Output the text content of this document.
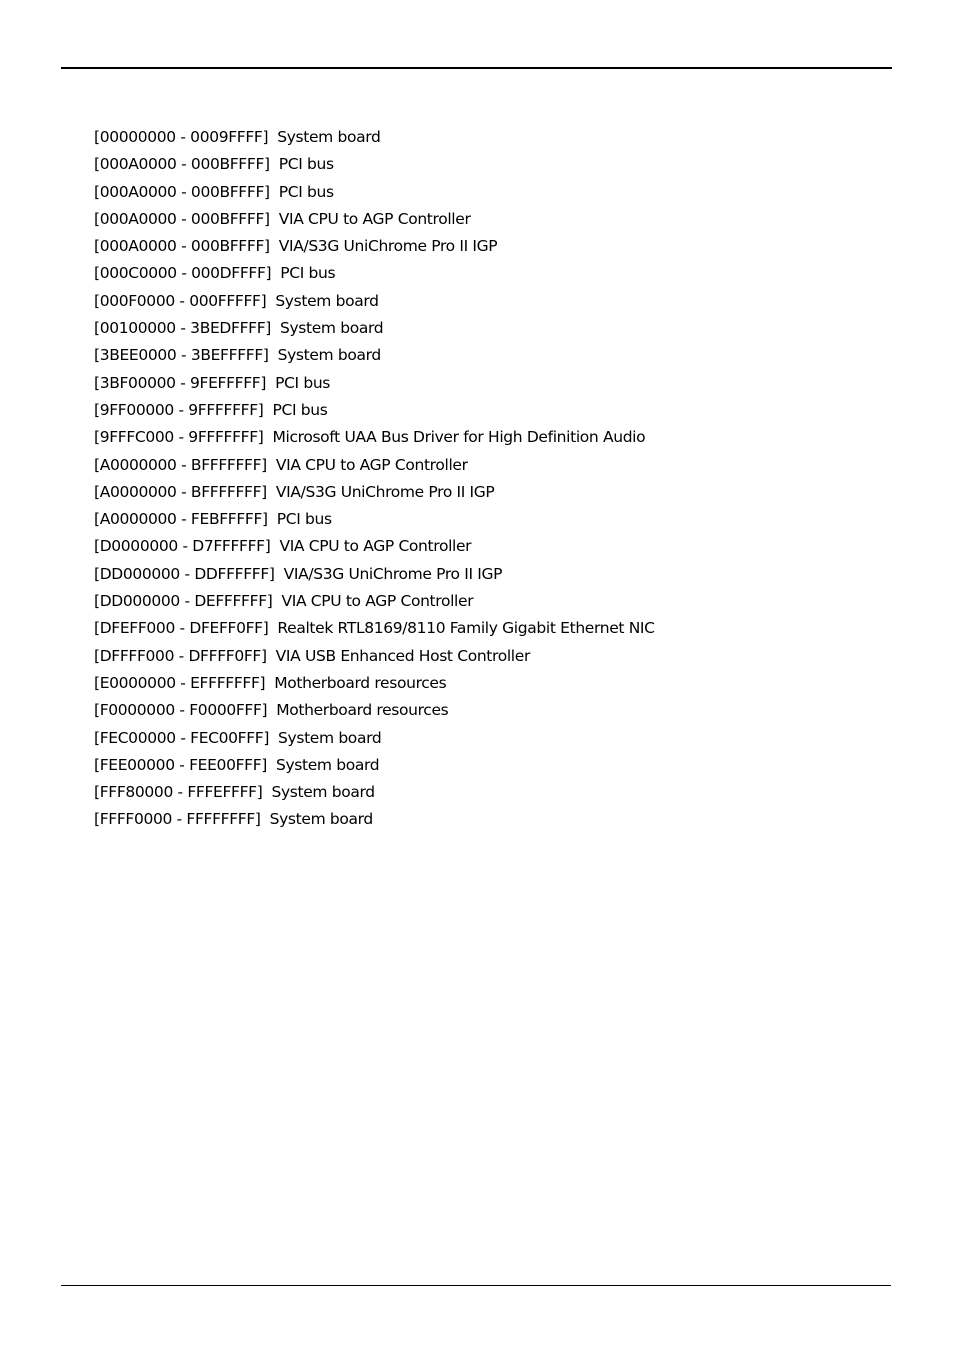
[00000000 - 0009FFFF] System board
[000A0000 - 000BFFFF] PCI bus
[000A0000 - 000BFFFF] PCI bus
[000A0000 - 000BFFFF] VIA CPU to AGP Controller
[000A0000 - 000BFFFF] VIA/S3G UniChrome Pro II IGP
[000C0000 - 000DFFFF] PCI bus
[000F0000 - 000FFFFF] System board
[00100000 - 3BEDFFFF] System board
[3BEE0000 - 3BEFFFFF] System board
[3BF00000 - 9FEFFFFF] PCI bus
[9FF00000 - 9FFFFFFF] PCI bus
[9FFFC000 - 9FFFFFFF] Microsoft UAA Bus Driver for High Definition Audio
[A0000000 - BFFFFFFF] VIA CPU to AGP Controller
[A0000000 - BFFFFFFF] VIA/S3G UniChrome Pro II IGP
[A0000000 - FEBFFFFF] PCI bus
[D0000000 - D7FFFFFF] VIA CPU to AGP Controller
[DD000000 - DDFFFFFF] VIA/S3G UniChrome Pro II IGP
[DD000000 - DEFFFFFF] VIA CPU to AGP Controller
[DFEFF000 - DFEFF0FF] Realtek RTL8169/8110 Family Gigabit Ethernet NIC
[DFFFF000 - DFFFF0FF] VIA USB Enhanced Host Controller
[E0000000 - EFFFFFFF] Motherboard resources
[F0000000 - F0000FFF] Motherboard resources
[FEC00000 - FEC00FFF] System board
[FEE00000 - FEE00FFF] System board
[FFF80000 - FFFEFFFF] System board
[FFFF0000 - FFFFFFFF] System board
